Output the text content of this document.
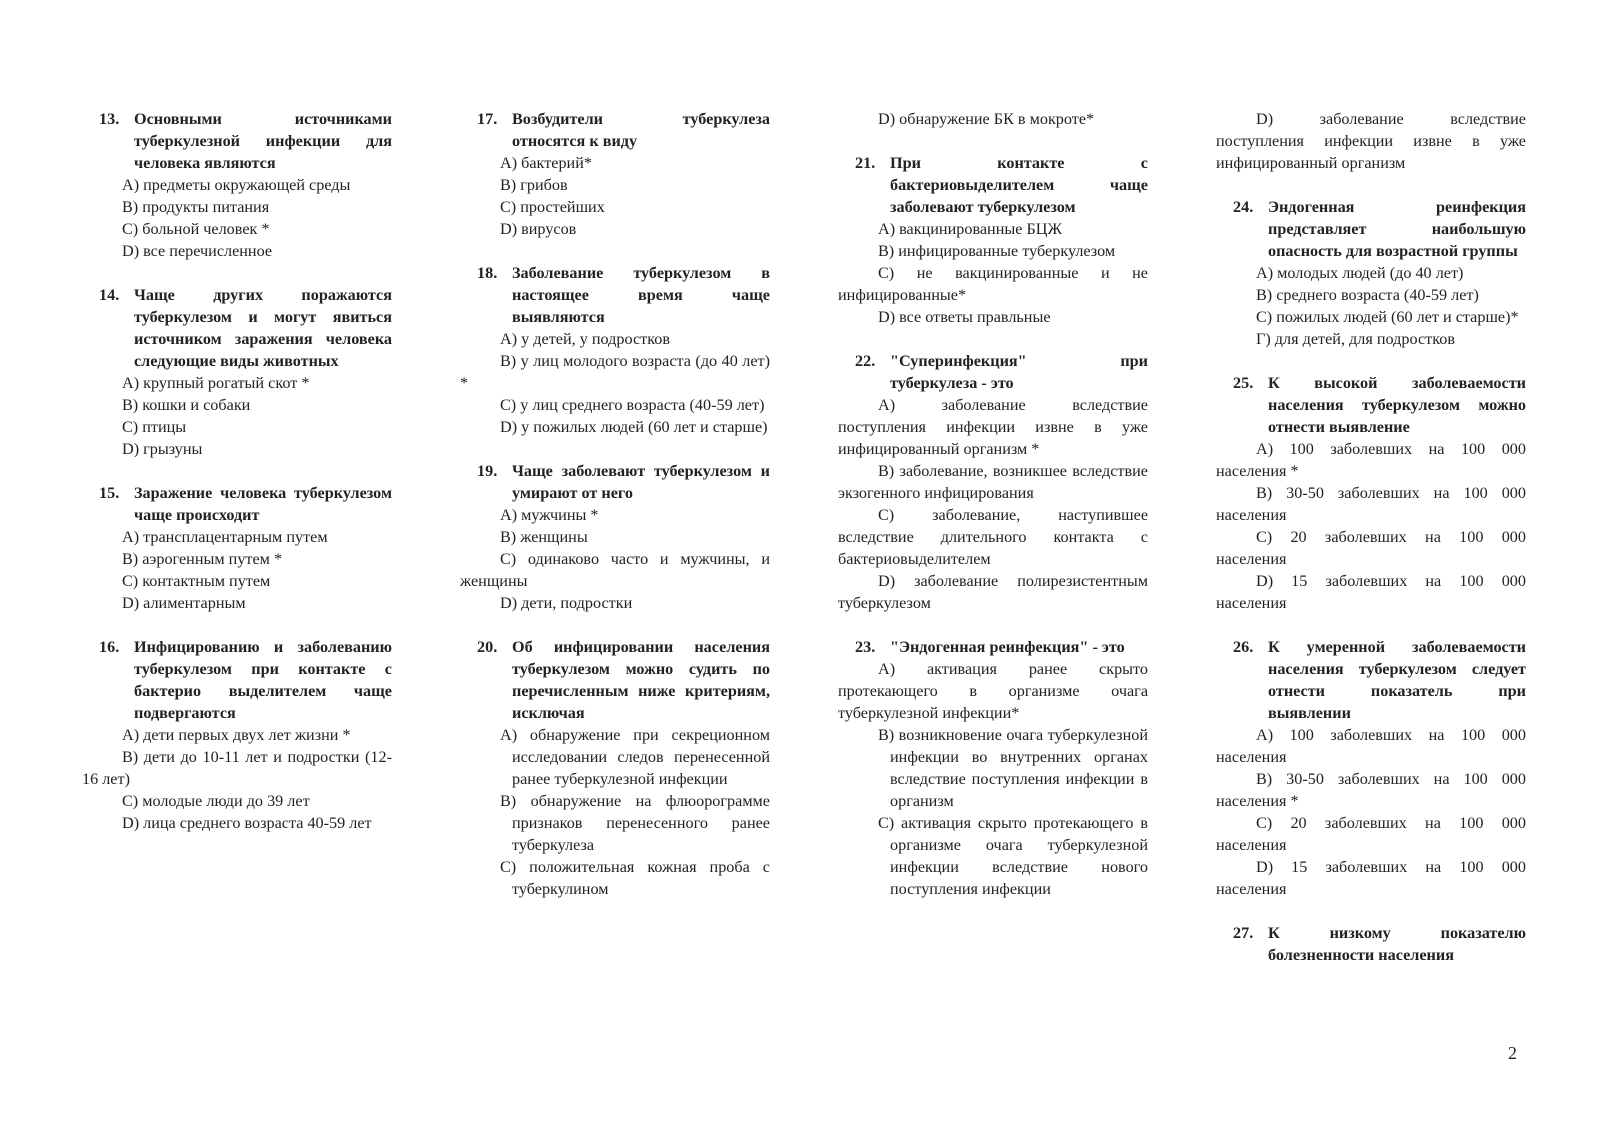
13. Основными источниками туберкулезной инфекции для человека являются
A) предметы окружающей среды
B) продукты питания
C) больной человек *
D) все перечисленное
14. Чаще других поражаются туберкулезом и могут явиться источником заражения человека следующие виды животных
A) крупный рогатый скот *
B) кошки и собаки
C) птицы
D) грызуны
15. Заражение человека туберкулезом чаще происходит
A) трансплацентарным путем
B) аэрогенным путем *
C) контактным путем
D) алиментарным
16. Инфицированию и заболеванию туберкулезом при контакте с бактерио выделителем чаще подвергаются
A) дети первых двух лет жизни *
B) дети до 10-11 лет и подростки (12-16 лет)
C) молодые люди до 39 лет
D) лица среднего возраста 40-59 лет
17. Возбудители туберкулеза относятся к виду
A) бактерий*
B) грибов
C) простейших
D) вирусов
18. Заболевание туберкулезом в настоящее время чаще выявляются
A) у детей, у подростков
B) у лиц молодого возраста (до 40 лет) *
C) у лиц среднего возраста (40-59 лет)
D) у пожилых людей (60 лет и старше)
19. Чаще заболевают туберкулезом и умирают от него
A) мужчины *
B) женщины
C) одинаково часто и мужчины, и женщины
D) дети, подростки
20. Об инфицировании населения туберкулезом можно судить по перечисленным ниже критериям, исключая
A) обнаружение при секреционном исследовании следов перенесенной ранее туберкулезной инфекции
B) обнаружение на флюорограмме признаков перенесенного ранее туберкулеза
C) положительная кожная проба с туберкулином
D) обнаружение БК в мокроте*
21. При контакте с бактериовыделителем чаще заболевают туберкулезом
A) вакцинированные БЦЖ
B) инфицированные туберкулезом
C) не вакцинированные и не инфицированные*
D) все ответы правльные
22. "Суперинфекция" при туберкулеза - это
A) заболевание вследствие поступления инфекции извне в уже инфицированный организм *
B) заболевание, возникшее вследствие экзогенного инфицирования
C) заболевание, наступившее вследствие длительного контакта с бактериовыделителем
D) заболевание полирезистентным туберкулезом
23. "Эндогенная реинфекция" - это
A) активация ранее скрыто протекающего в организме очага туберкулезной инфекции*
B) возникновение очага туберкулезной инфекции во внутренних органах вследствие поступления инфекции в организм
C) активация скрыто протекающего в организме очага туберкулезной инфекции вследствие нового поступления инфекции
D) заболевание вследствие поступления инфекции извне в уже инфицированный организм
24. Эндогенная реинфекция представляет наибольшую опасность для возрастной группы
A) молодых людей (до 40 лет)
B) среднего возраста (40-59 лет)
C) пожилых людей (60 лет и старше)*
Г) для детей, для подростков
25. К высокой заболеваемости населения туберкулезом можно отнести выявление
A) 100 заболевших на 100 000 населения *
B) 30-50 заболевших на 100 000 населения
C) 20 заболевших на 100 000 населения
D) 15 заболевших на 100 000 населения
26. К умеренной заболеваемости населения туберкулезом следует отнести показатель при выявлении
A) 100 заболевших на 100 000 населения
B) 30-50 заболевших на 100 000 населения *
C) 20 заболевших на 100 000 населения
D) 15 заболевших на 100 000 населения
27. К низкому показателю болезненности населения
2
